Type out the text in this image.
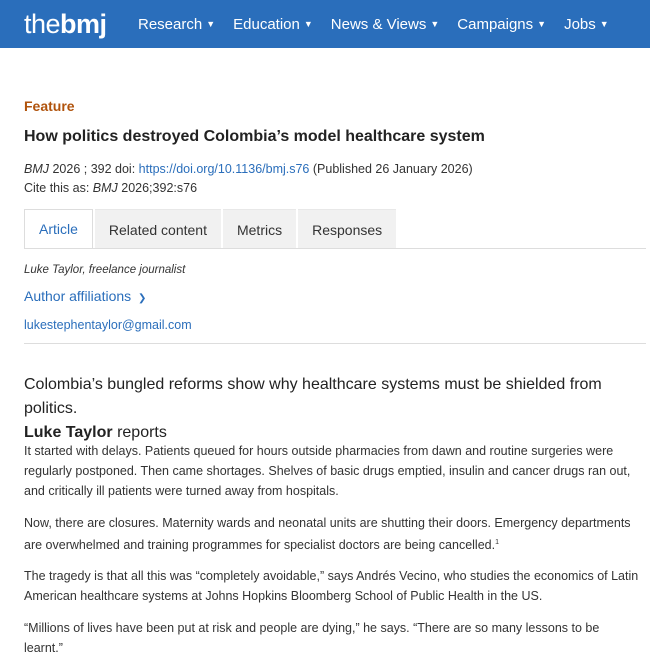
thebmj Research ▼ Education ▼ News & Views ▼ Campaigns ▼ Jobs ▼
Feature
How politics destroyed Colombia’s model healthcare system
BMJ 2026 ; 392 doi: https://doi.org/10.1136/bmj.s76 (Published 26 January 2026)
Cite this as: BMJ 2026;392:s76
Article	Related content	Metrics	Responses
Luke Taylor, freelance journalist
Author affiliations ❯
lukestephentaylor@gmail.com
Colombia’s bungled reforms show why healthcare systems must be shielded from politics.
Luke Taylor reports
It started with delays. Patients queued for hours outside pharmacies from dawn and routine surgeries were regularly postponed. Then came shortages. Shelves of basic drugs emptied, insulin and cancer drugs ran out, and critically ill patients were turned away from hospitals.
Now, there are closures. Maternity wards and neonatal units are shutting their doors. Emergency departments are overwhelmed and training programmes for specialist doctors are being cancelled.$^1$
The tragedy is that all this was “completely avoidable,” says Andrés Vecino, who studies the economics of Latin American healthcare systems at Johns Hopkins Bloomberg School of Public Health in the US.
“Millions of lives have been put at risk and people are dying,” he says. “There are so many lessons to be learnt.”
